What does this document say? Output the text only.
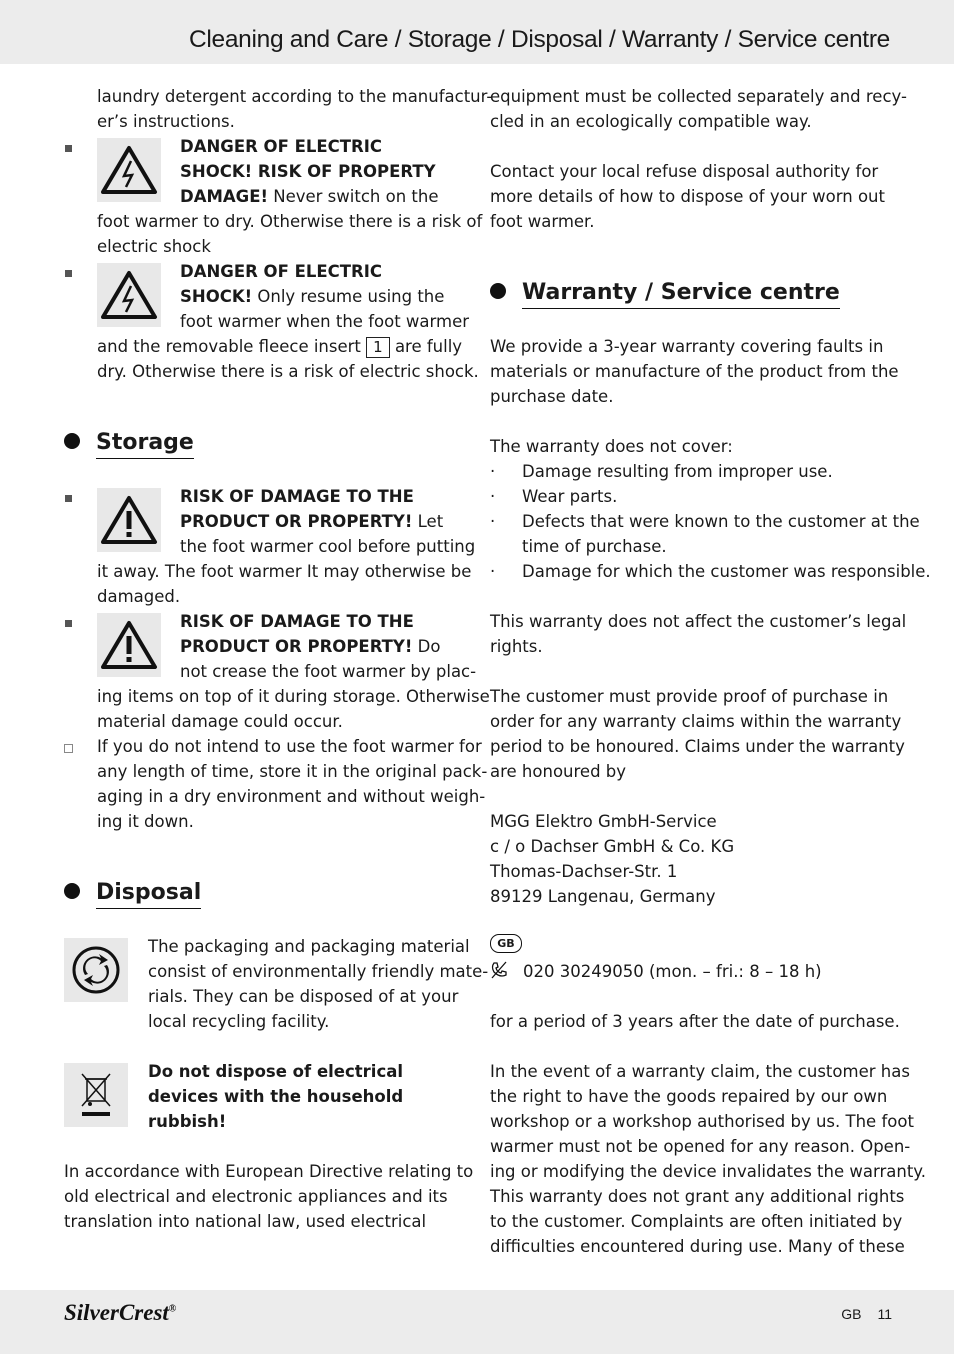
Cleaning and Care / Storage / Disposal / Warranty / Service centre
laundry detergent according to the manufactur-
er’s instructions.
DANGER OF ELECTRIC
SHOCK! RISK OF PROPERTY
DAMAGE! Never switch on the
foot warmer to dry. Otherwise there is a risk of
electric shock
DANGER OF ELECTRIC
SHOCK! Only resume using the
foot warmer when the foot warmer
and the removable fleece insert 1 are fully
dry. Otherwise there is a risk of electric shock.
Storage
RISK OF DAMAGE TO THE
PRODUCT OR PROPERTY! Let
the foot warmer cool before putting
it away. The foot warmer It may otherwise be
damaged.
RISK OF DAMAGE TO THE
PRODUCT OR PROPERTY! Do
not crease the foot warmer by plac-
ing items on top of it during storage. Otherwise
material damage could occur.
If you do not intend to use the foot warmer for
any length of time, store it in the original pack-
aging in a dry environment and without weigh-
ing it down.
Disposal
The packaging and packaging material
consist of environmentally friendly mate-
rials. They can be disposed of at your
local recycling facility.
Do not dispose of electrical
devices with the household
rubbish!
In accordance with European Directive relating to
old electrical and electronic appliances and its
translation into national law, used electrical
equipment must be collected separately and recy-
cled in an ecologically compatible way.
Contact your local refuse disposal authority for
more details of how to dispose of your worn out
foot warmer.
Warranty / Service centre
We provide a 3-year warranty covering faults in
materials or manufacture of the product from the
purchase date.
The warranty does not cover:
· Damage resulting from improper use.
· Wear parts.
· Defects that were known to the customer at the
time of purchase.
· Damage for which the customer was responsible.
This warranty does not affect the customer’s legal
rights.
The customer must provide proof of purchase in
order for any warranty claims within the warranty
period to be honoured. Claims under the warranty
are honoured by
MGG Elektro GmbH-Service
c / o Dachser GmbH & Co. KG
Thomas-Dachser-Str. 1
89129 Langenau, Germany
GB
020 30249050 (mon. – fri.: 8 – 18 h)
for a period of 3 years after the date of purchase.
In the event of a warranty claim, the customer has
the right to have the goods repaired by our own
workshop or a workshop authorised by us. The foot
warmer must not be opened for any reason. Open-
ing or modifying the device invalidates the warranty.
This warranty does not grant any additional rights
to the customer. Complaints are often initiated by
difficulties encountered during use. Many of these
SilverCrest®	GB 11
